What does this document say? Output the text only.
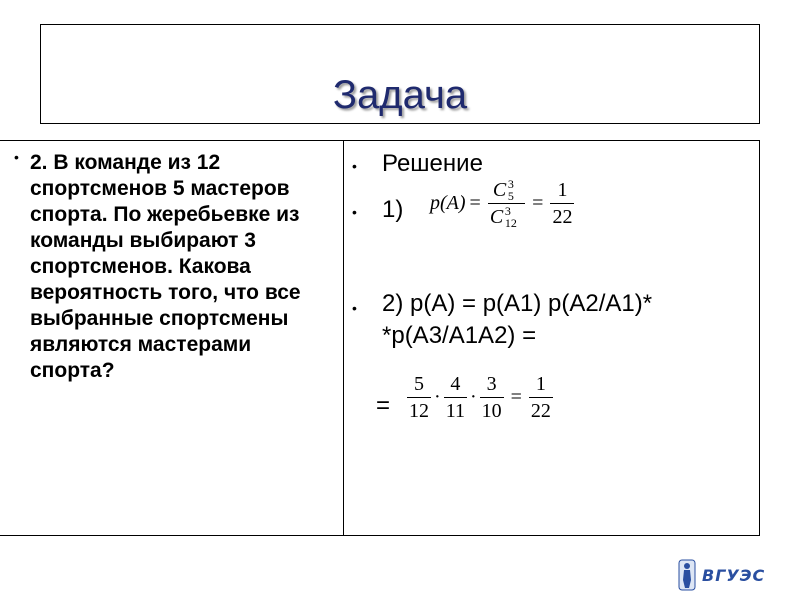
Задача
• 2. В команде из 12 спортсменов 5 мастеров спорта. По жеребьевке из команды выбирают 3 спортсменов. Какова вероятность того, что все выбранные спортсмены являются мастерами спорта?
• Решение
• 1) p(A) = C 3
5
C 3
$12 = \frac{1}{22}$
• 2) p(A) = p(A1) p(A2/A1)*
*p(A3/A1A2) =
= $\frac{5}{12} \cdot \frac{4}{11} \cdot \frac{3}{10} = \frac{1}{22}$
ВГУЭС
